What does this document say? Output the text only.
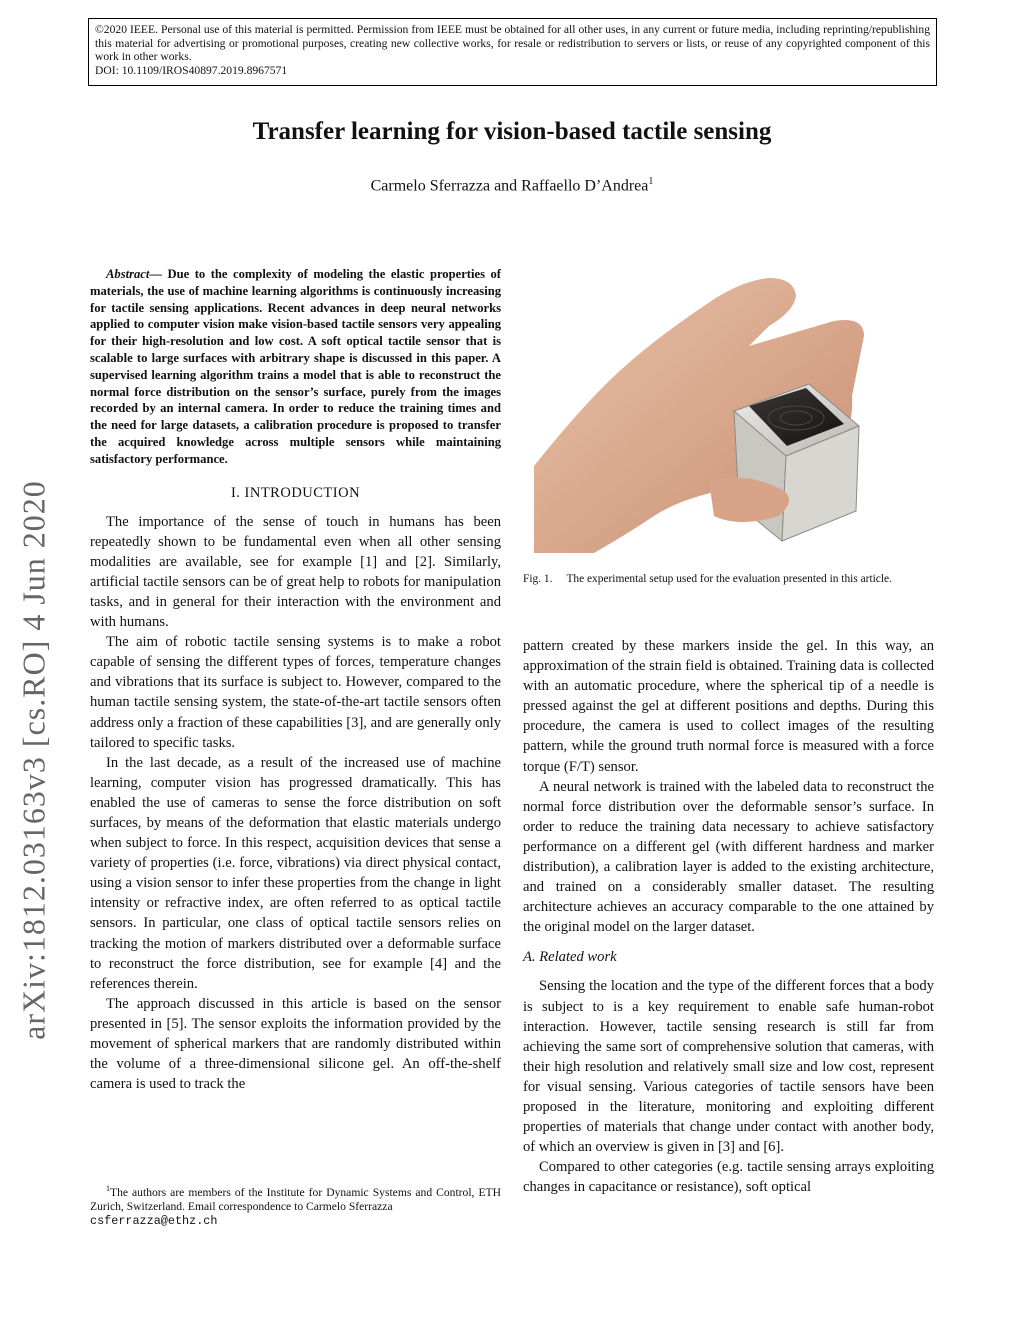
©2020 IEEE. Personal use of this material is permitted. Permission from IEEE must be obtained for all other uses, in any current or future media, including reprinting/republishing this material for advertising or promotional purposes, creating new collective works, for resale or redistribution to servers or lists, or reuse of any copyrighted component of this work in other works.

DOI: 10.1109/IROS40897.2019.8967571

Transfer learning for vision-based tactile sensing

Carmelo Sferrazza and Raffaello D’Andrea$^1$

arXiv:1812.03163v3 [cs.RO] 4 Jun 2020

Abstract— Due to the complexity of modeling the elastic properties of materials, the use of machine learning algorithms is continuously increasing for tactile sensing applications. Recent advances in deep neural networks applied to computer vision make vision-based tactile sensors very appealing for their high-resolution and low cost. A soft optical tactile sensor that is scalable to large surfaces with arbitrary shape is discussed in this paper. A supervised learning algorithm trains a model that is able to reconstruct the normal force distribution on the sensor’s surface, purely from the images recorded by an internal camera. In order to reduce the training times and the need for large datasets, a calibration procedure is proposed to transfer the acquired knowledge across multiple sensors while maintaining satisfactory performance.

I. INTRODUCTION

The importance of the sense of touch in humans has been repeatedly shown to be fundamental even when all other sensing modalities are available, see for example [1] and [2]. Similarly, artificial tactile sensors can be of great help to robots for manipulation tasks, and in general for their interaction with the environment and with humans.

The aim of robotic tactile sensing systems is to make a robot capable of sensing the different types of forces, temperature changes and vibrations that its surface is subject to. However, compared to the human tactile sensing system, the state-of-the-art tactile sensors often address only a fraction of these capabilities [3], and are generally only tailored to specific tasks.

In the last decade, as a result of the increased use of machine learning, computer vision has progressed dramatically. This has enabled the use of cameras to sense the force distribution on soft surfaces, by means of the deformation that elastic materials undergo when subject to force. In this respect, acquisition devices that sense a variety of properties (i.e. force, vibrations) via direct physical contact, using a vision sensor to infer these properties from the change in light intensity or refractive index, are often referred to as optical tactile sensors. In particular, one class of optical tactile sensors relies on tracking the motion of markers distributed over a deformable surface to reconstruct the force distribution, see for example [4] and the references therein.

The approach discussed in this article is based on the sensor presented in [5]. The sensor exploits the information provided by the movement of spherical markers that are randomly distributed within the volume of a three-dimensional silicone gel. An off-the-shelf camera is used to track the

$^1$The authors are members of the Institute for Dynamic Systems and Control, ETH Zurich, Switzerland. Email correspondence to Carmelo Sferrazza
csferrazza@ethz.ch

Fig. 1. The experimental setup used for the evaluation presented in this article.

pattern created by these markers inside the gel. In this way, an approximation of the strain field is obtained. Training data is collected with an automatic procedure, where the spherical tip of a needle is pressed against the gel at different positions and depths. During this procedure, the camera is used to collect images of the resulting pattern, while the ground truth normal force is measured with a force torque (F/T) sensor.

A neural network is trained with the labeled data to reconstruct the normal force distribution over the deformable sensor’s surface. In order to reduce the training data necessary to achieve satisfactory performance on a different gel (with different hardness and marker distribution), a calibration layer is added to the existing architecture, and trained on a considerably smaller dataset. The resulting architecture achieves an accuracy comparable to the one attained by the original model on the larger dataset.

A. Related work

Sensing the location and the type of the different forces that a body is subject to is a key requirement to enable safe human-robot interaction. However, tactile sensing research is still far from achieving the same sort of comprehensive solution that cameras, with their high resolution and relatively small size and low cost, represent for visual sensing. Various categories of tactile sensors have been proposed in the literature, monitoring and exploiting different properties of materials that change under contact with another body, of which an overview is given in [3] and [6].

Compared to other categories (e.g. tactile sensing arrays exploiting changes in capacitance or resistance), soft optical
